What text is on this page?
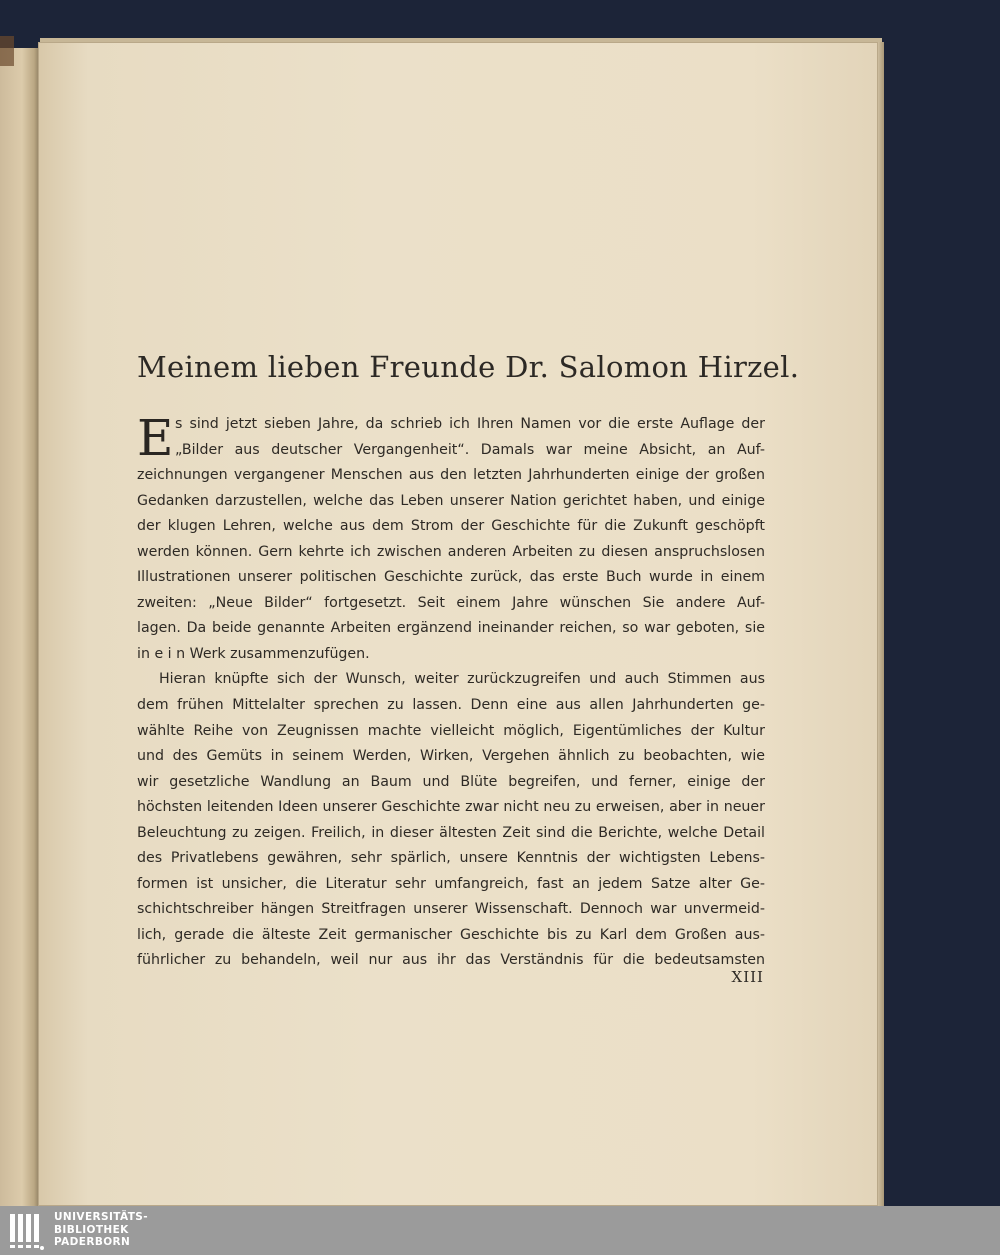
Meinem lieben Freunde Dr. Salomon Hirzel.
E s sind jetzt sieben Jahre, da schrieb ich Ihren Namen vor die erste Auflage der
„Bilder aus deutscher Vergangenheit“. Damals war meine Absicht, an Auf-
zeichnungen vergangener Menschen aus den letzten Jahrhunderten einige der großen
Gedanken darzustellen, welche das Leben unserer Nation gerichtet haben, und einige
der klugen Lehren, welche aus dem Strom der Geschichte für die Zukunft geschöpft
werden können. Gern kehrte ich zwischen anderen Arbeiten zu diesen anspruchslosen
Illustrationen unserer politischen Geschichte zurück, das erste Buch wurde in einem
zweiten: „Neue Bilder“ fortgesetzt. Seit einem Jahre wünschen Sie andere Auf-
lagen. Da beide genannte Arbeiten ergänzend ineinander reichen, so war geboten, sie
in e i n Werk zusammenzufügen.
Hieran knüpfte sich der Wunsch, weiter zurückzugreifen und auch Stimmen aus
dem frühen Mittelalter sprechen zu lassen. Denn eine aus allen Jahrhunderten ge-
wählte Reihe von Zeugnissen machte vielleicht möglich, Eigentümliches der Kultur
und des Gemüts in seinem Werden, Wirken, Vergehen ähnlich zu beobachten, wie
wir gesetzliche Wandlung an Baum und Blüte begreifen, und ferner, einige der
höchsten leitenden Ideen unserer Geschichte zwar nicht neu zu erweisen, aber in neuer
Beleuchtung zu zeigen. Freilich, in dieser ältesten Zeit sind die Berichte, welche Detail
des Privatlebens gewähren, sehr spärlich, unsere Kenntnis der wichtigsten Lebens-
formen ist unsicher, die Literatur sehr umfangreich, fast an jedem Satze alter Ge-
schichtschreiber hängen Streitfragen unserer Wissenschaft. Dennoch war unvermeid-
lich, gerade die älteste Zeit germanischer Geschichte bis zu Karl dem Großen aus-
führlicher zu behandeln, weil nur aus ihr das Verständnis für die bedeutsamsten
XIII
UNIVERSITÄTS-
BIBLIOTHEK
PADERBORN
